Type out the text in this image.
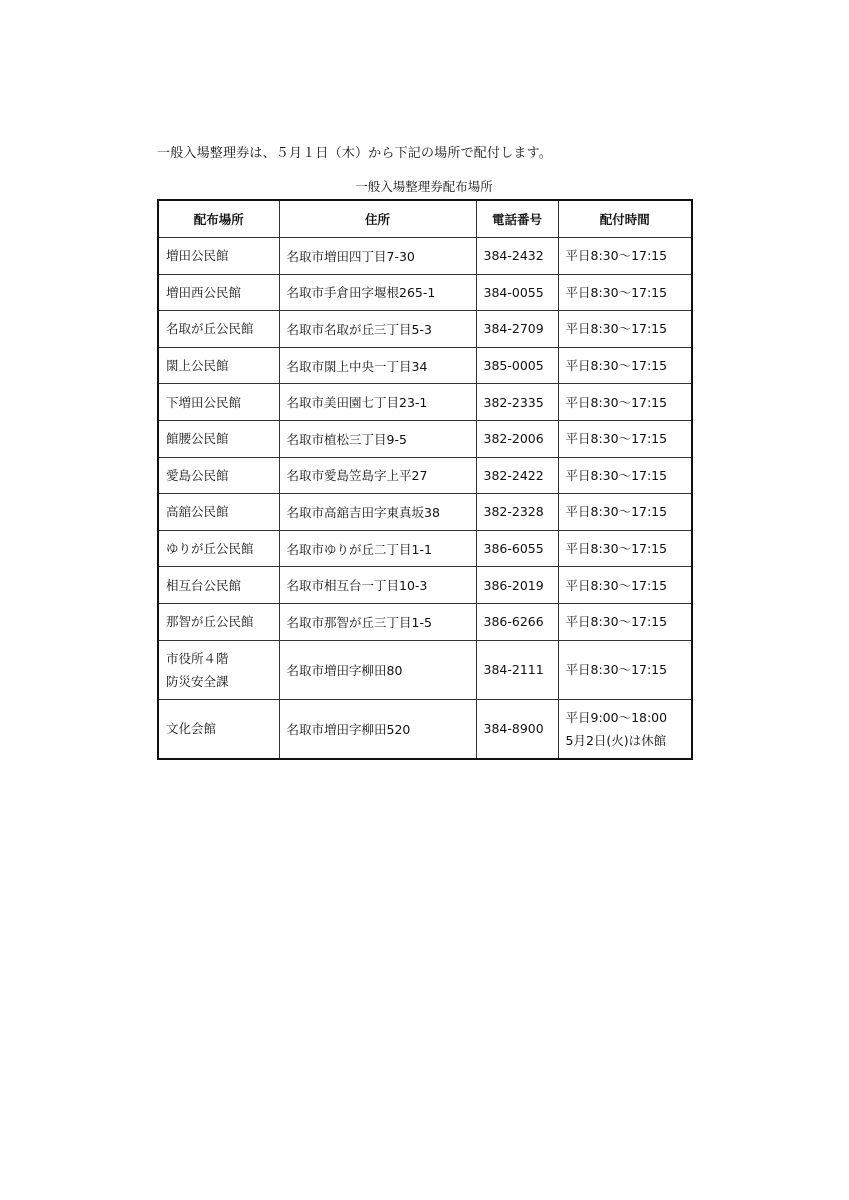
一般入場整理券は、５月１日（木）から下記の場所で配付します。
一般入場整理券配布場所
配布場所	住所	電話番号	配付時間

増田公民館	名取市増田四丁目7-30	384-2432	平日8:30～17:15

増田西公民館	名取市手倉田字堰根265-1	384-0055	平日8:30～17:15

名取が丘公民館	名取市名取が丘三丁目5-3	384-2709	平日8:30～17:15

閖上公民館	名取市閖上中央一丁目34	385-0005	平日8:30～17:15

下増田公民館	名取市美田園七丁目23-1	382-2335	平日8:30～17:15

館腰公民館	名取市植松三丁目9-5	382-2006	平日8:30～17:15

愛島公民館	名取市愛島笠島字上平27	382-2422	平日8:30～17:15

高舘公民館	名取市高舘吉田字東真坂38	382-2328	平日8:30～17:15

ゆりが丘公民館	名取市ゆりが丘二丁目1-1	386-6055	平日8:30～17:15

相互台公民館	名取市相互台一丁目10-3	386-2019	平日8:30～17:15

那智が丘公民館	名取市那智が丘三丁目1-5	386-6266	平日8:30～17:15

市役所４階
防災安全課	名取市増田字柳田80	384-2111	平日8:30～17:15

文化会館	名取市増田字柳田520	384-8900	平日9:00～18:00
5月2日(火)は休館
